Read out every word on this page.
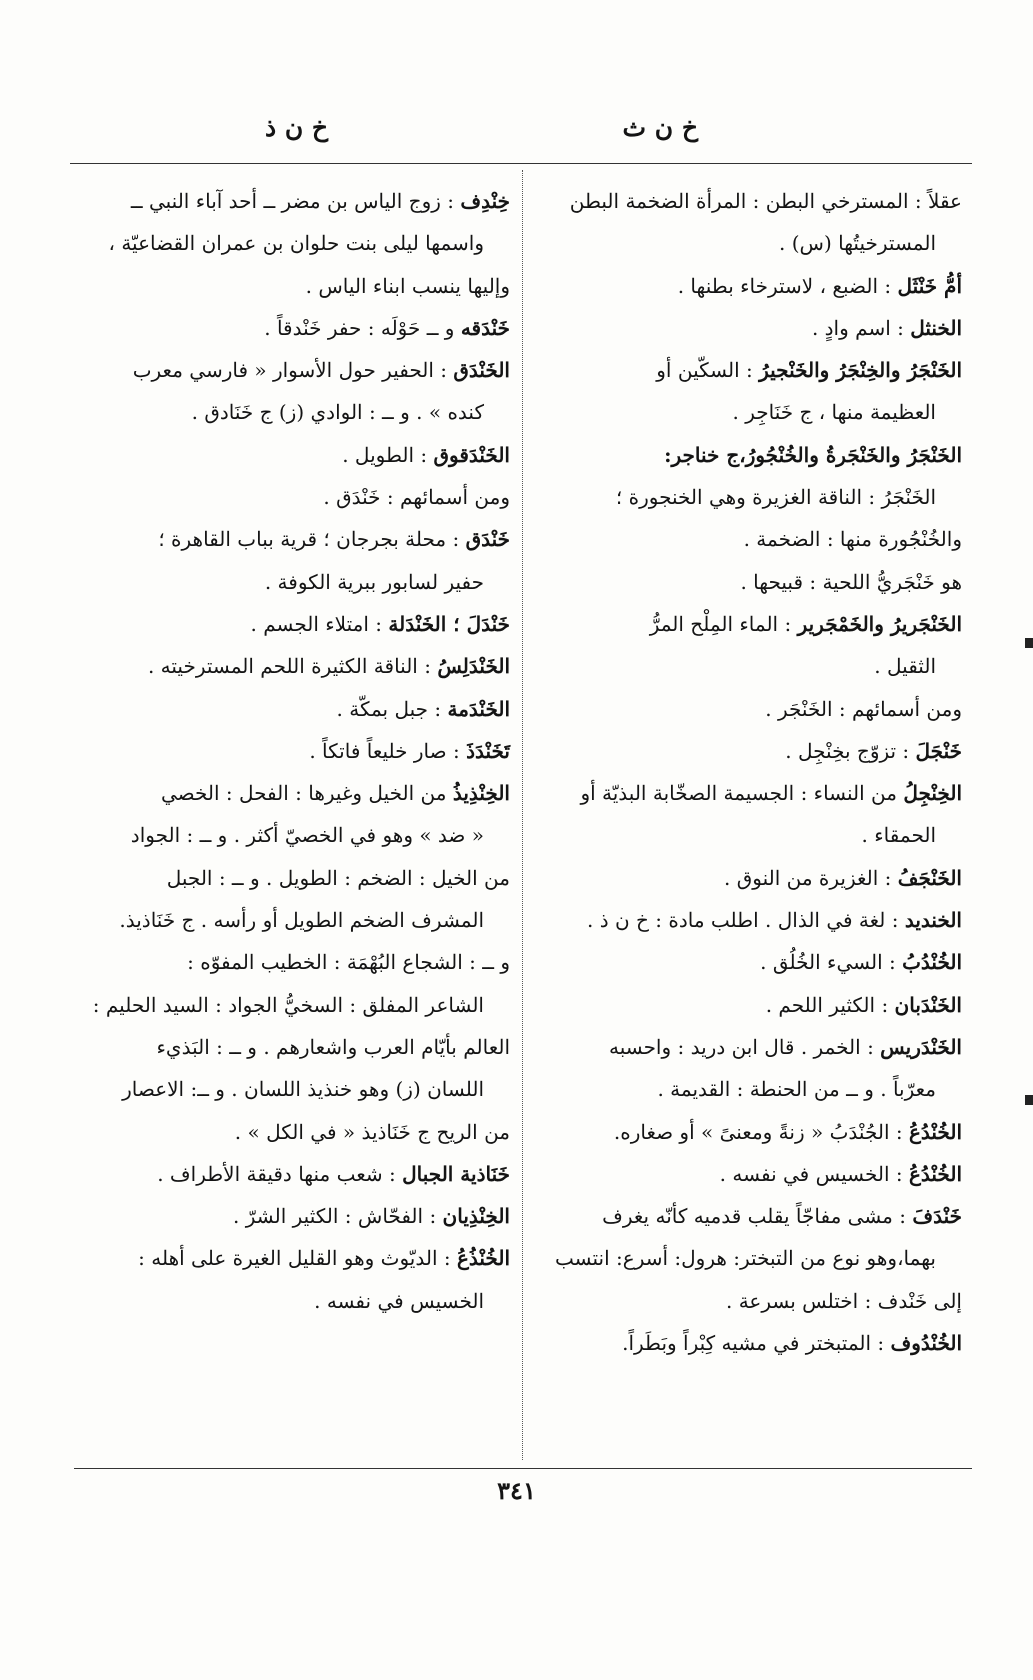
خ ن ث
خ ن ذ

عقلاً : المسترخي البطن : المرأة الضخمة البطن
المسترخيتُها (س) .

أمُّ خَنْثَل : الضبع ، لاسترخاء بطنها .

الخنثل : اسم وادٍ .

الخَنْجَرُ والخِنْجَرُ والخَنْجيرُ : السكّين أو
العظيمة منها ، ج خَنَاجِر .

الخَنْجَرُ والخَنْجَرةُ والخُنْجُورُ،ج خناجر:
الخَنْجَرُ : الناقة الغزيرة وهي الخنجورة ؛

والخُنْجُورة منها : الضخمة .

هو خَنْجَريُّ اللحية : قبيحها .

الخَنْجَريرُ والخَمْجَرير : الماء المِلْح المرُّ
الثقيل .

ومن أسمائهم : الخَنْجَر .

خَنْجَلَ : تزوّج بخِنْجِل .

الخِنْجِلُ من النساء : الجسيمة الصخّابة البذيّة أو
الحمقاء .

الخَنْجَفُ : الغزيرة من النوق .

الخنديد : لغة في الذال . اطلب مادة : خ ن ذ .

الخُنْدُبُ : السيء الخُلُق .

الخَنْدَبان : الكثير اللحم .

الخَنْدَريس : الخمر . قال ابن دريد : واحسبه
معرّباً . و ــ من الحنطة : القديمة .

الخُنْدُعُ : الجُنْدَبُ « زنةً ومعنىً » أو صغاره.

الخُنْدُعُ : الخسيس في نفسه .

خَنْدَفَ : مشى مفاجّاً يقلب قدميه كأنّه يغرف
بهما،وهو نوع من التبختر: هرول: أسرع: انتسب

إلى خَنْدف : اختلس بسرعة .

الخُنْدُوف : المتبختر في مشيه كِبْراً وبَطَراً.

خِنْدِف : زوج الياس بن مضر ــ أحد آباء النبي ــ
واسمها ليلى بنت حلوان بن عمران القضاعيّة ،

وإليها ينسب ابناء الياس .

خَنْدَقه و ــ حَوْلَه : حفر خَنْدقاً .

الخَنْدَق : الحفير حول الأسوار « فارسي معرب
كنده » . و ــ : الوادي (ز) ج خَنَادق .

الخَنْدَقوق : الطويل .

ومن أسمائهم : خَنْدَق .

خَنْدَق : محلة بجرجان ؛ قرية بباب القاهرة ؛
حفير لسابور ببرية الكوفة .

خَنْدَلَ ؛ الخَنْدَلة : امتلاء الجسم .

الخَنْدَلِسُ : الناقة الكثيرة اللحم المسترخيته .

الخَنْدَمة : جبل بمكّة .

تَخَنْدَذَ : صار خليعاً فاتكاً .

الخِنْذِيذُ من الخيل وغيرها : الفحل : الخصي
« ضد » وهو في الخصيّ أكثر . و ــ : الجواد

من الخيل : الضخم : الطويل . و ــ : الجبل
المشرف الضخم الطويل أو رأسه . ج خَنَاذيذ.

و ــ : الشجاع البُهْمَة : الخطيب المفوّه :
الشاعر المفلق : السخيُّ الجواد : السيد الحليم :

العالم بأيّام العرب واشعارهم . و ــ : البَذيء
اللسان (ز) وهو خنذيذ اللسان . و ــ: الاعصار

من الريح ج خَنَاذيذ « في الكل » .

خَنَاذية الجبال : شعب منها دقيقة الأطراف .

الخِنْذِيان : الفحّاش : الكثير الشرّ .

الخُنْذُعُ : الديّوث وهو القليل الغيرة على أهله :
الخسيس في نفسه .

٣٤١
